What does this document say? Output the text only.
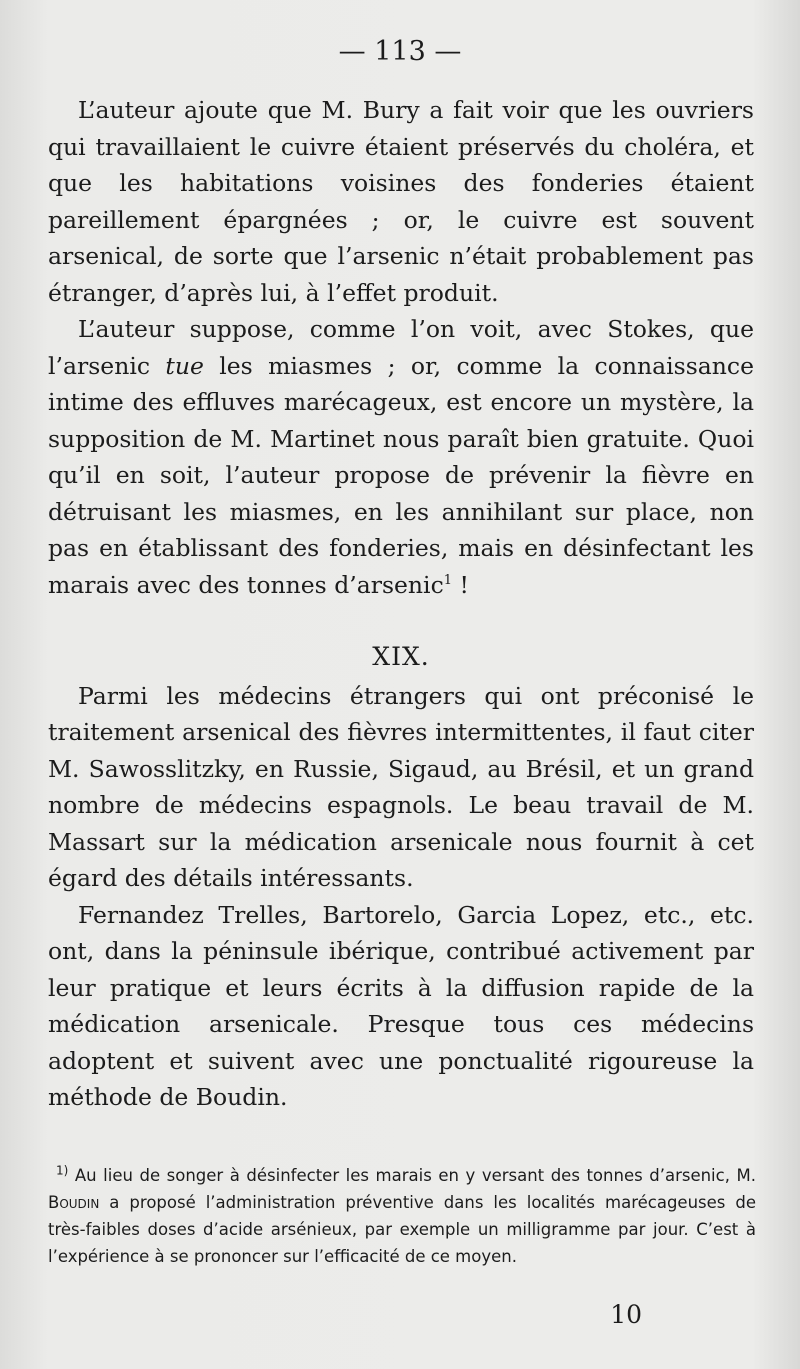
— 113 —

L’auteur ajoute que M. Bury a fait voir que les ouvriers qui travaillaient le cuivre étaient préservés du choléra, et que les habitations voisines des fonderies étaient pareillement épargnées ; or, le cuivre est souvent arsenical, de sorte que l’arsenic n’était probablement pas étranger, d’après lui, à l’effet produit.

L’auteur suppose, comme l’on voit, avec Stokes, que l’arsenic tue les miasmes ; or, comme la connaissance intime des effluves marécageux, est encore un mystère, la supposition de M. Martinet nous paraît bien gratuite. Quoi qu’il en soit, l’auteur propose de prévenir la fièvre en détruisant les miasmes, en les annihilant sur place, non pas en établissant des fonderies, mais en désinfectant les marais avec des tonnes d’arsenic$^1$ !

XIX.

Parmi les médecins étrangers qui ont préconisé le traitement arsenical des fièvres intermittentes, il faut citer M. Sawosslitzky, en Russie, Sigaud, au Brésil, et un grand nombre de médecins espagnols. Le beau travail de M. Massart sur la médication arsenicale nous fournit à cet égard des détails intéressants.

Fernandez Trelles, Bartorelo, Garcia Lopez, etc., etc. ont, dans la péninsule ibérique, contribué activement par leur pratique et leurs écrits à la diffusion rapide de la médication arsenicale. Presque tous ces médecins adoptent et suivent avec une ponctualité rigoureuse la méthode de Boudin.

$^{1)}$ Au lieu de songer à désinfecter les marais en y versant des tonnes d’arsenic, M. Boudin a proposé l’administration préventive dans les localités marécageuses de très-faibles doses d’acide arsénieux, par exemple un milligramme par jour. C’est à l’expérience à se prononcer sur l’efficacité de ce moyen.

10
